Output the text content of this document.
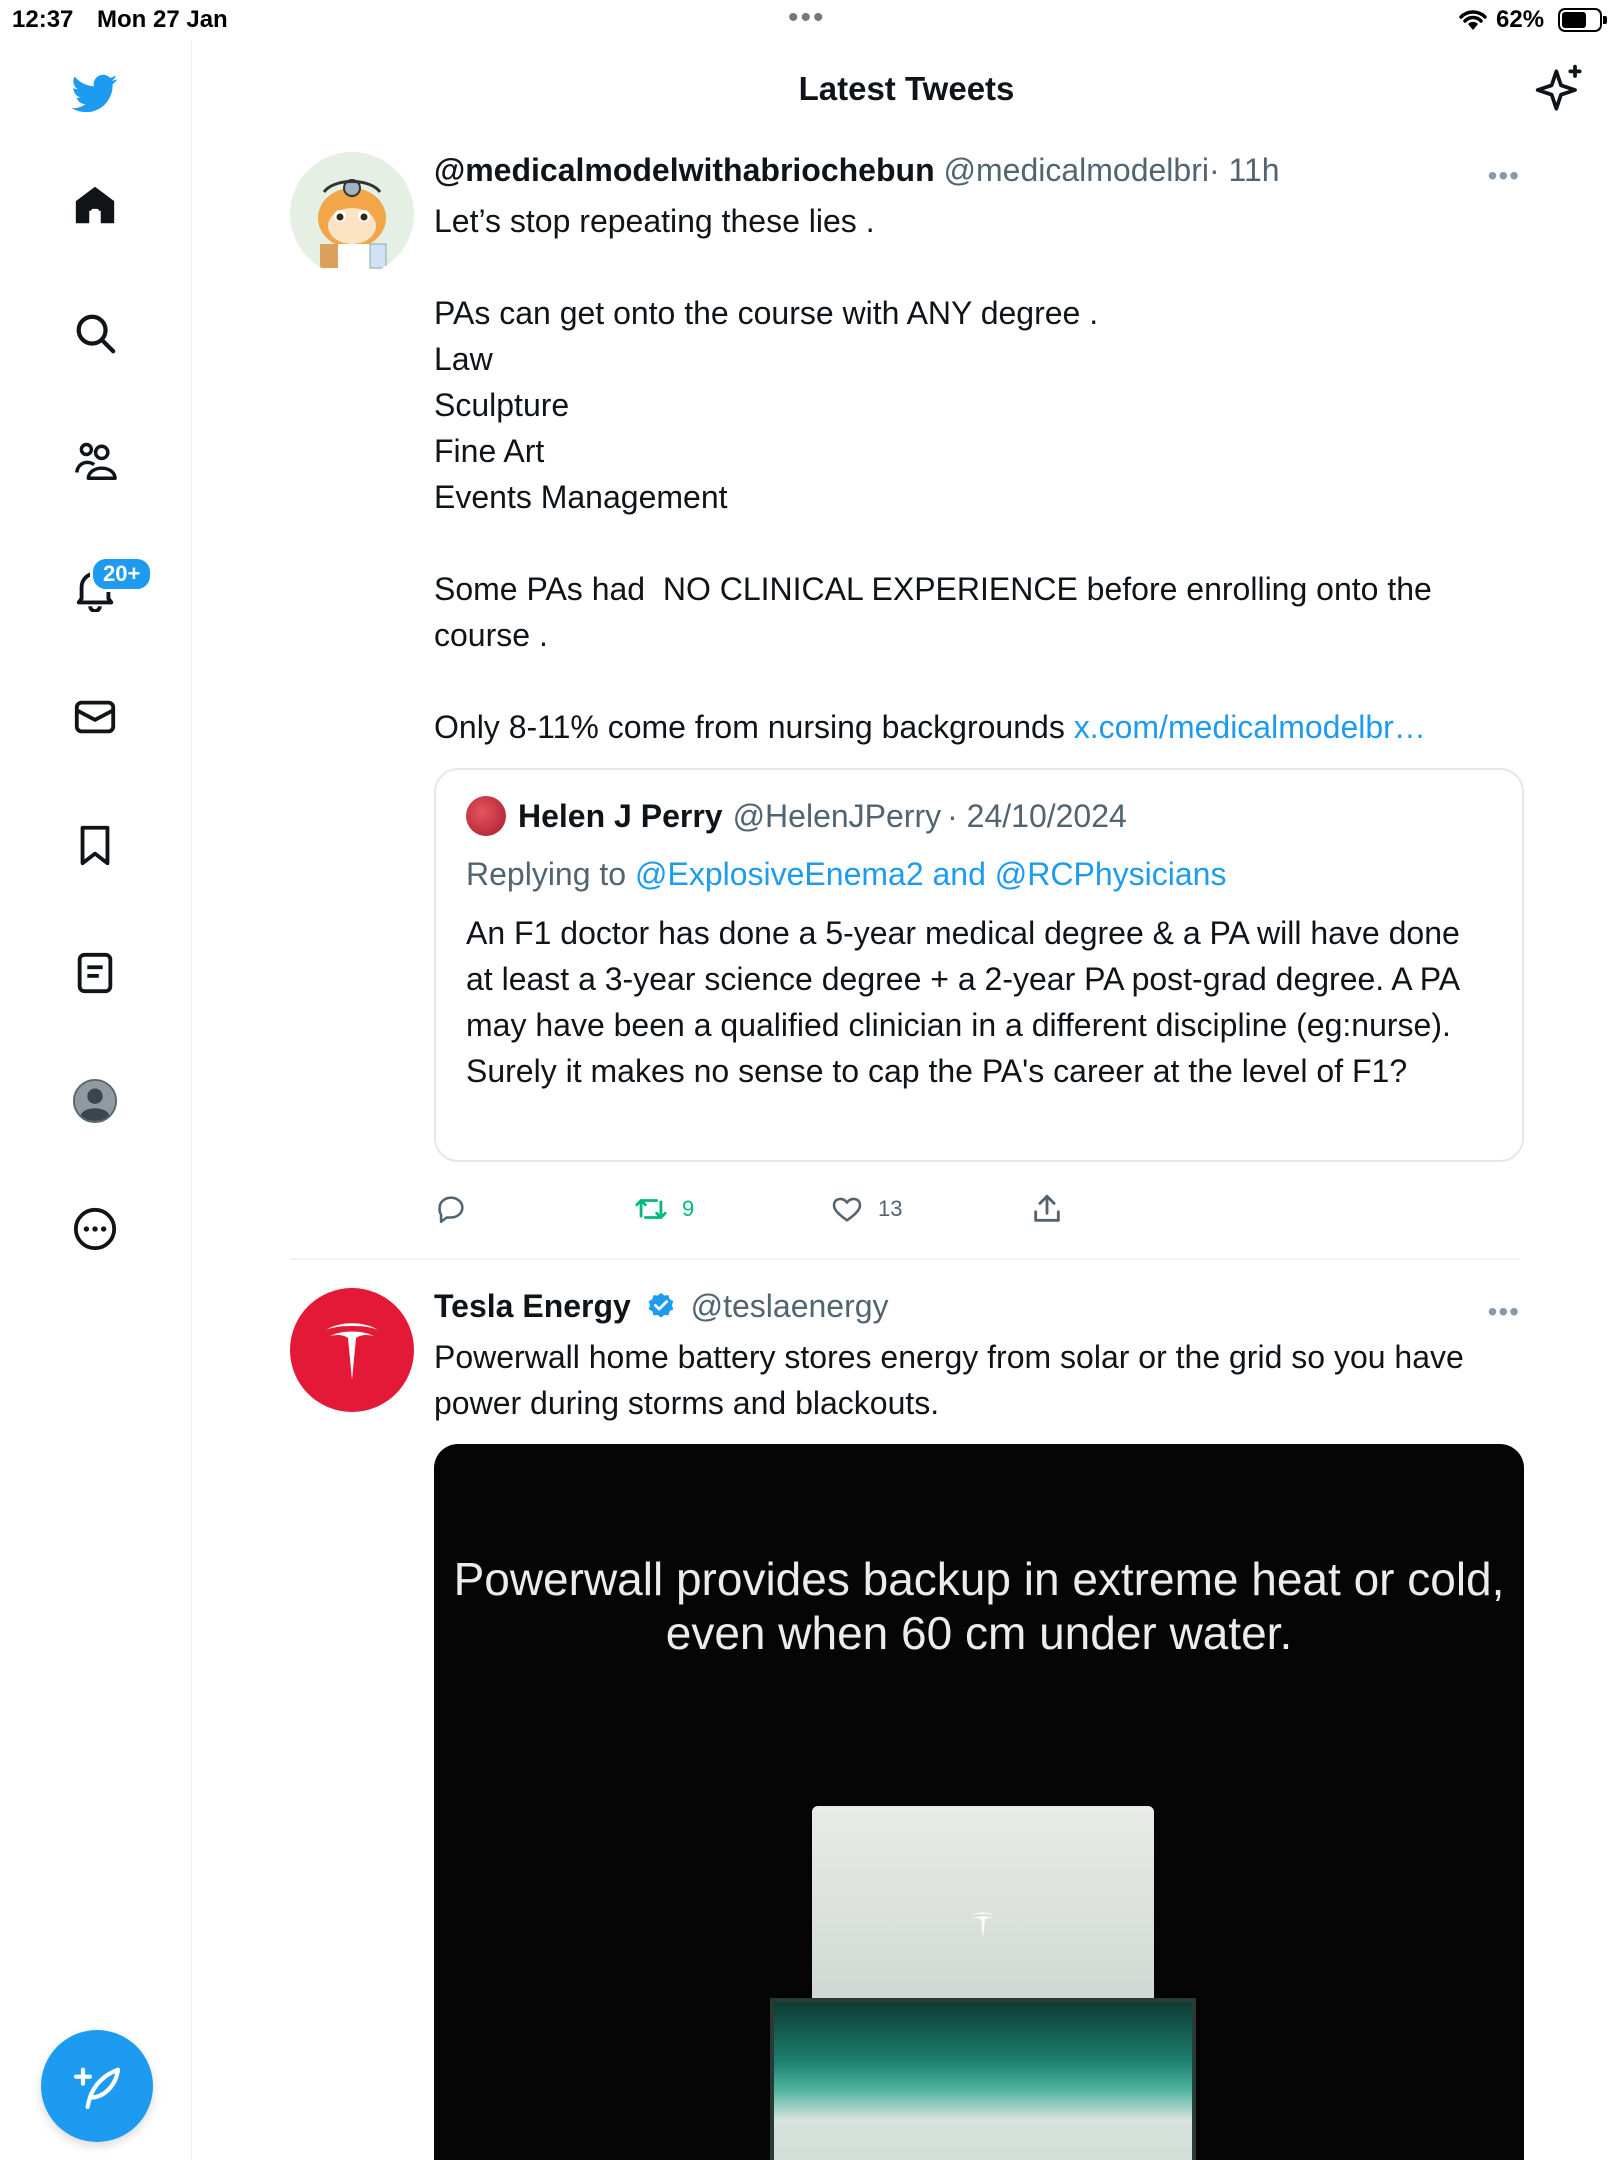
12:37 Mon 27 Jan	•••	62%
20+
Latest Tweets
@medicalmodelwithabriochebun @medicalmodelbri· 11h	•••

Let’s stop repeating these lies .

PAs can get onto the course with ANY degree .
Law
Sculpture
Fine Art
Events Management

Some PAs had  NO CLINICAL EXPERIENCE before enrolling onto the course .

Only 8-11% come from nursing backgrounds x.com/medicalmodelbr…

Helen J Perry @HelenJPerry · 24/10/2024
Replying to @ExplosiveEnema2 and @RCPhysicians
An F1 doctor has done a 5-year medical degree & a PA will have done at least a 3-year science degree + a 2-year PA post-grad degree. A PA may have been a qualified clinician in a different discipline (eg:nurse). Surely it makes no sense to cap the PA's career at the level of F1?
9	13
Tesla Energy @teslaenergy	•••
Powerwall home battery stores energy from solar or the grid so you have power during storms and blackouts.
Powerwall provides backup in extreme heat or cold, even when 60 cm under water.
